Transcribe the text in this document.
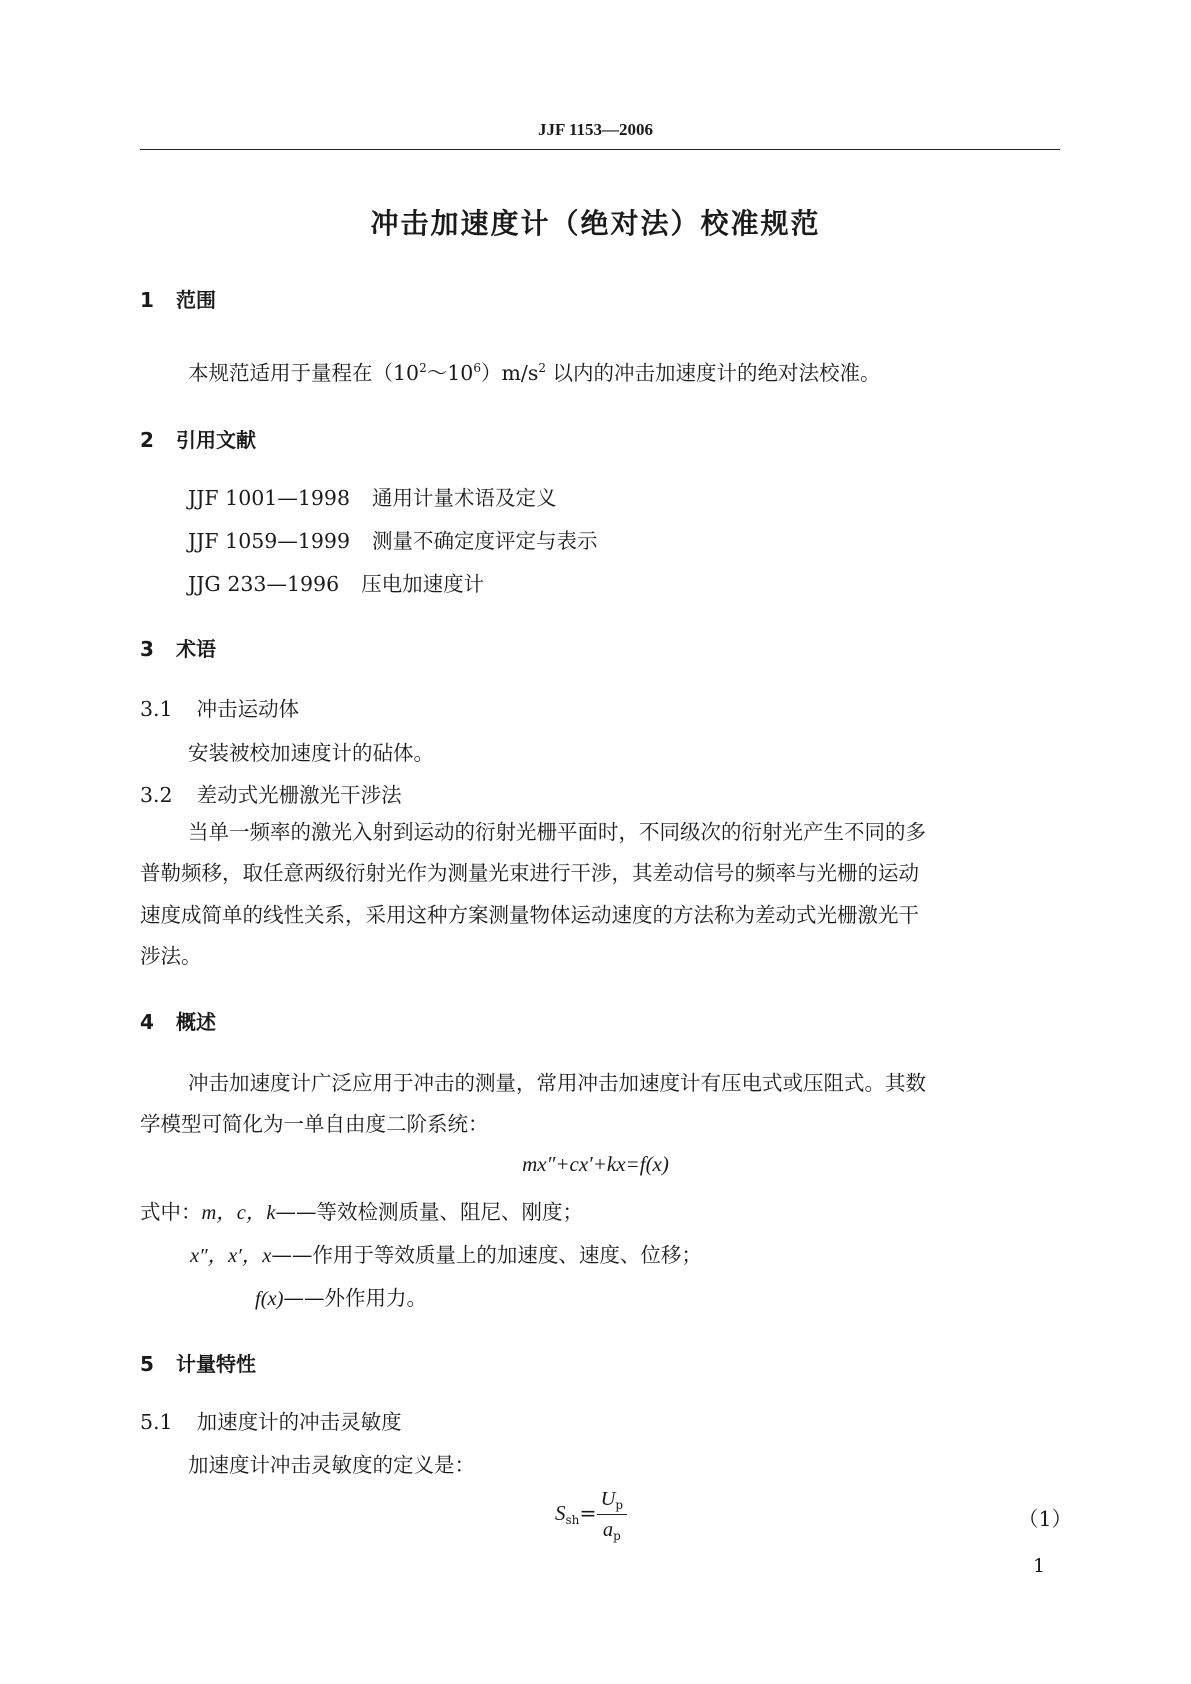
JJF 1153—2006
冲击加速度计（绝对法）校准规范
1 范围
本规范适用于量程在$(10^2\sim 10^6)m/s^2$ 以内的冲击加速度计的绝对法校准。
2 引用文献
JJF 1001—1998 通用计量术语及定义
JJF 1059—1999 测量不确定度评定与表示
JJG 233—1996 压电加速度计
3 术语
3.1 冲击运动体
安装被校加速度计的砧体。
3.2 差动式光栅激光干涉法
当单一频率的激光入射到运动的衍射光栅平面时，不同级次的衍射光产生不同的多
普勒频移，取任意两级衍射光作为测量光束进行干涉，其差动信号的频率与光栅的运动
速度成简单的线性关系，采用这种方案测量物体运动速度的方法称为差动式光栅激光干
涉法。
4 概述
冲击加速度计广泛应用于冲击的测量，常用冲击加速度计有压电式或压阻式。其数
学模型可简化为一单自由度二阶系统：
mx″+cx′+kx=f(x)
式中：m，c，k——等效检测质量、阻尼、刚度；
x″，x′，x——作用于等效质量上的加速度、速度、位移；
f(x)——外作用力。
5 计量特性
5.1 加速度计的冲击灵敏度
加速度计冲击灵敏度的定义是：
$S_{sh}= \frac{U_p}{a_p}$	（1）
1
